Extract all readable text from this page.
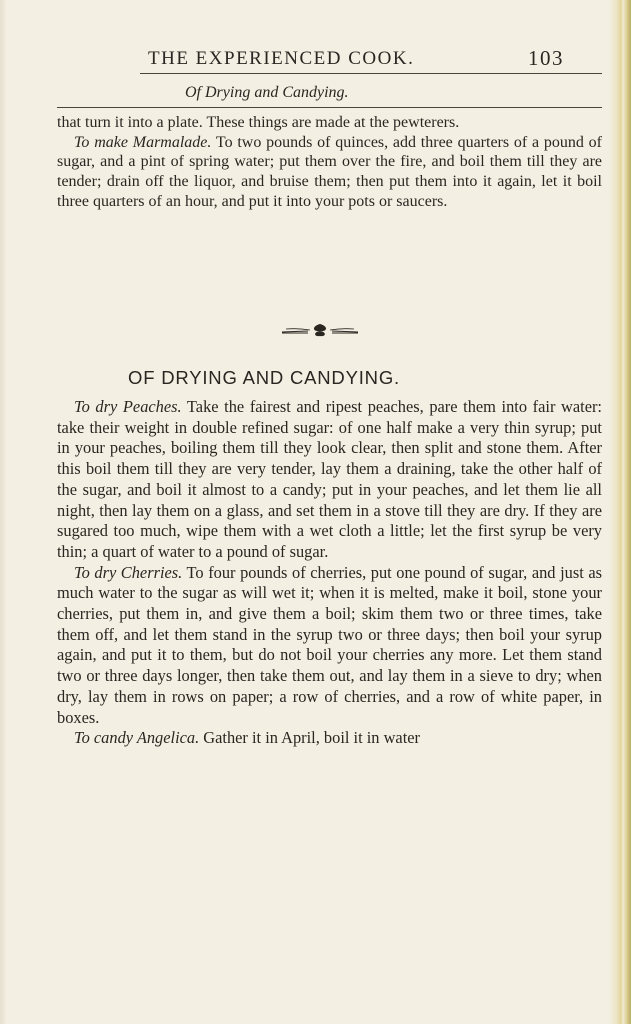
THE EXPERIENCED COOK.	103
Of Drying and Candying.

that turn it into a plate. These things are made at the pewterers.

To make Marmalade. To two pounds of quinces, add three quarters of a pound of sugar, and a pint of spring water; put them over the fire, and boil them till they are tender; drain off the liquor, and bruise them; then put them into it again, let it boil three quarters of an hour, and put it into your pots or saucers.

OF DRYING AND CANDYING.

To dry Peaches. Take the fairest and ripest peaches, pare them into fair water: take their weight in double refined sugar: of one half make a very thin syrup; put in your peaches, boiling them till they look clear, then split and stone them. After this boil them till they are very tender, lay them a draining, take the other half of the sugar, and boil it almost to a candy; put in your peaches, and let them lie all night, then lay them on a glass, and set them in a stove till they are dry. If they are sugared too much, wipe them with a wet cloth a little; let the first syrup be very thin; a quart of water to a pound of sugar.

To dry Cherries. To four pounds of cherries, put one pound of sugar, and just as much water to the sugar as will wet it; when it is melted, make it boil, stone your cherries, put them in, and give them a boil; skim them two or three times, take them off, and let them stand in the syrup two or three days; then boil your syrup again, and put it to them, but do not boil your cherries any more. Let them stand two or three days longer, then take them out, and lay them in a sieve to dry; when dry, lay them in rows on paper; a row of cherries, and a row of white paper, in boxes.

To candy Angelica. Gather it in April, boil it in water
